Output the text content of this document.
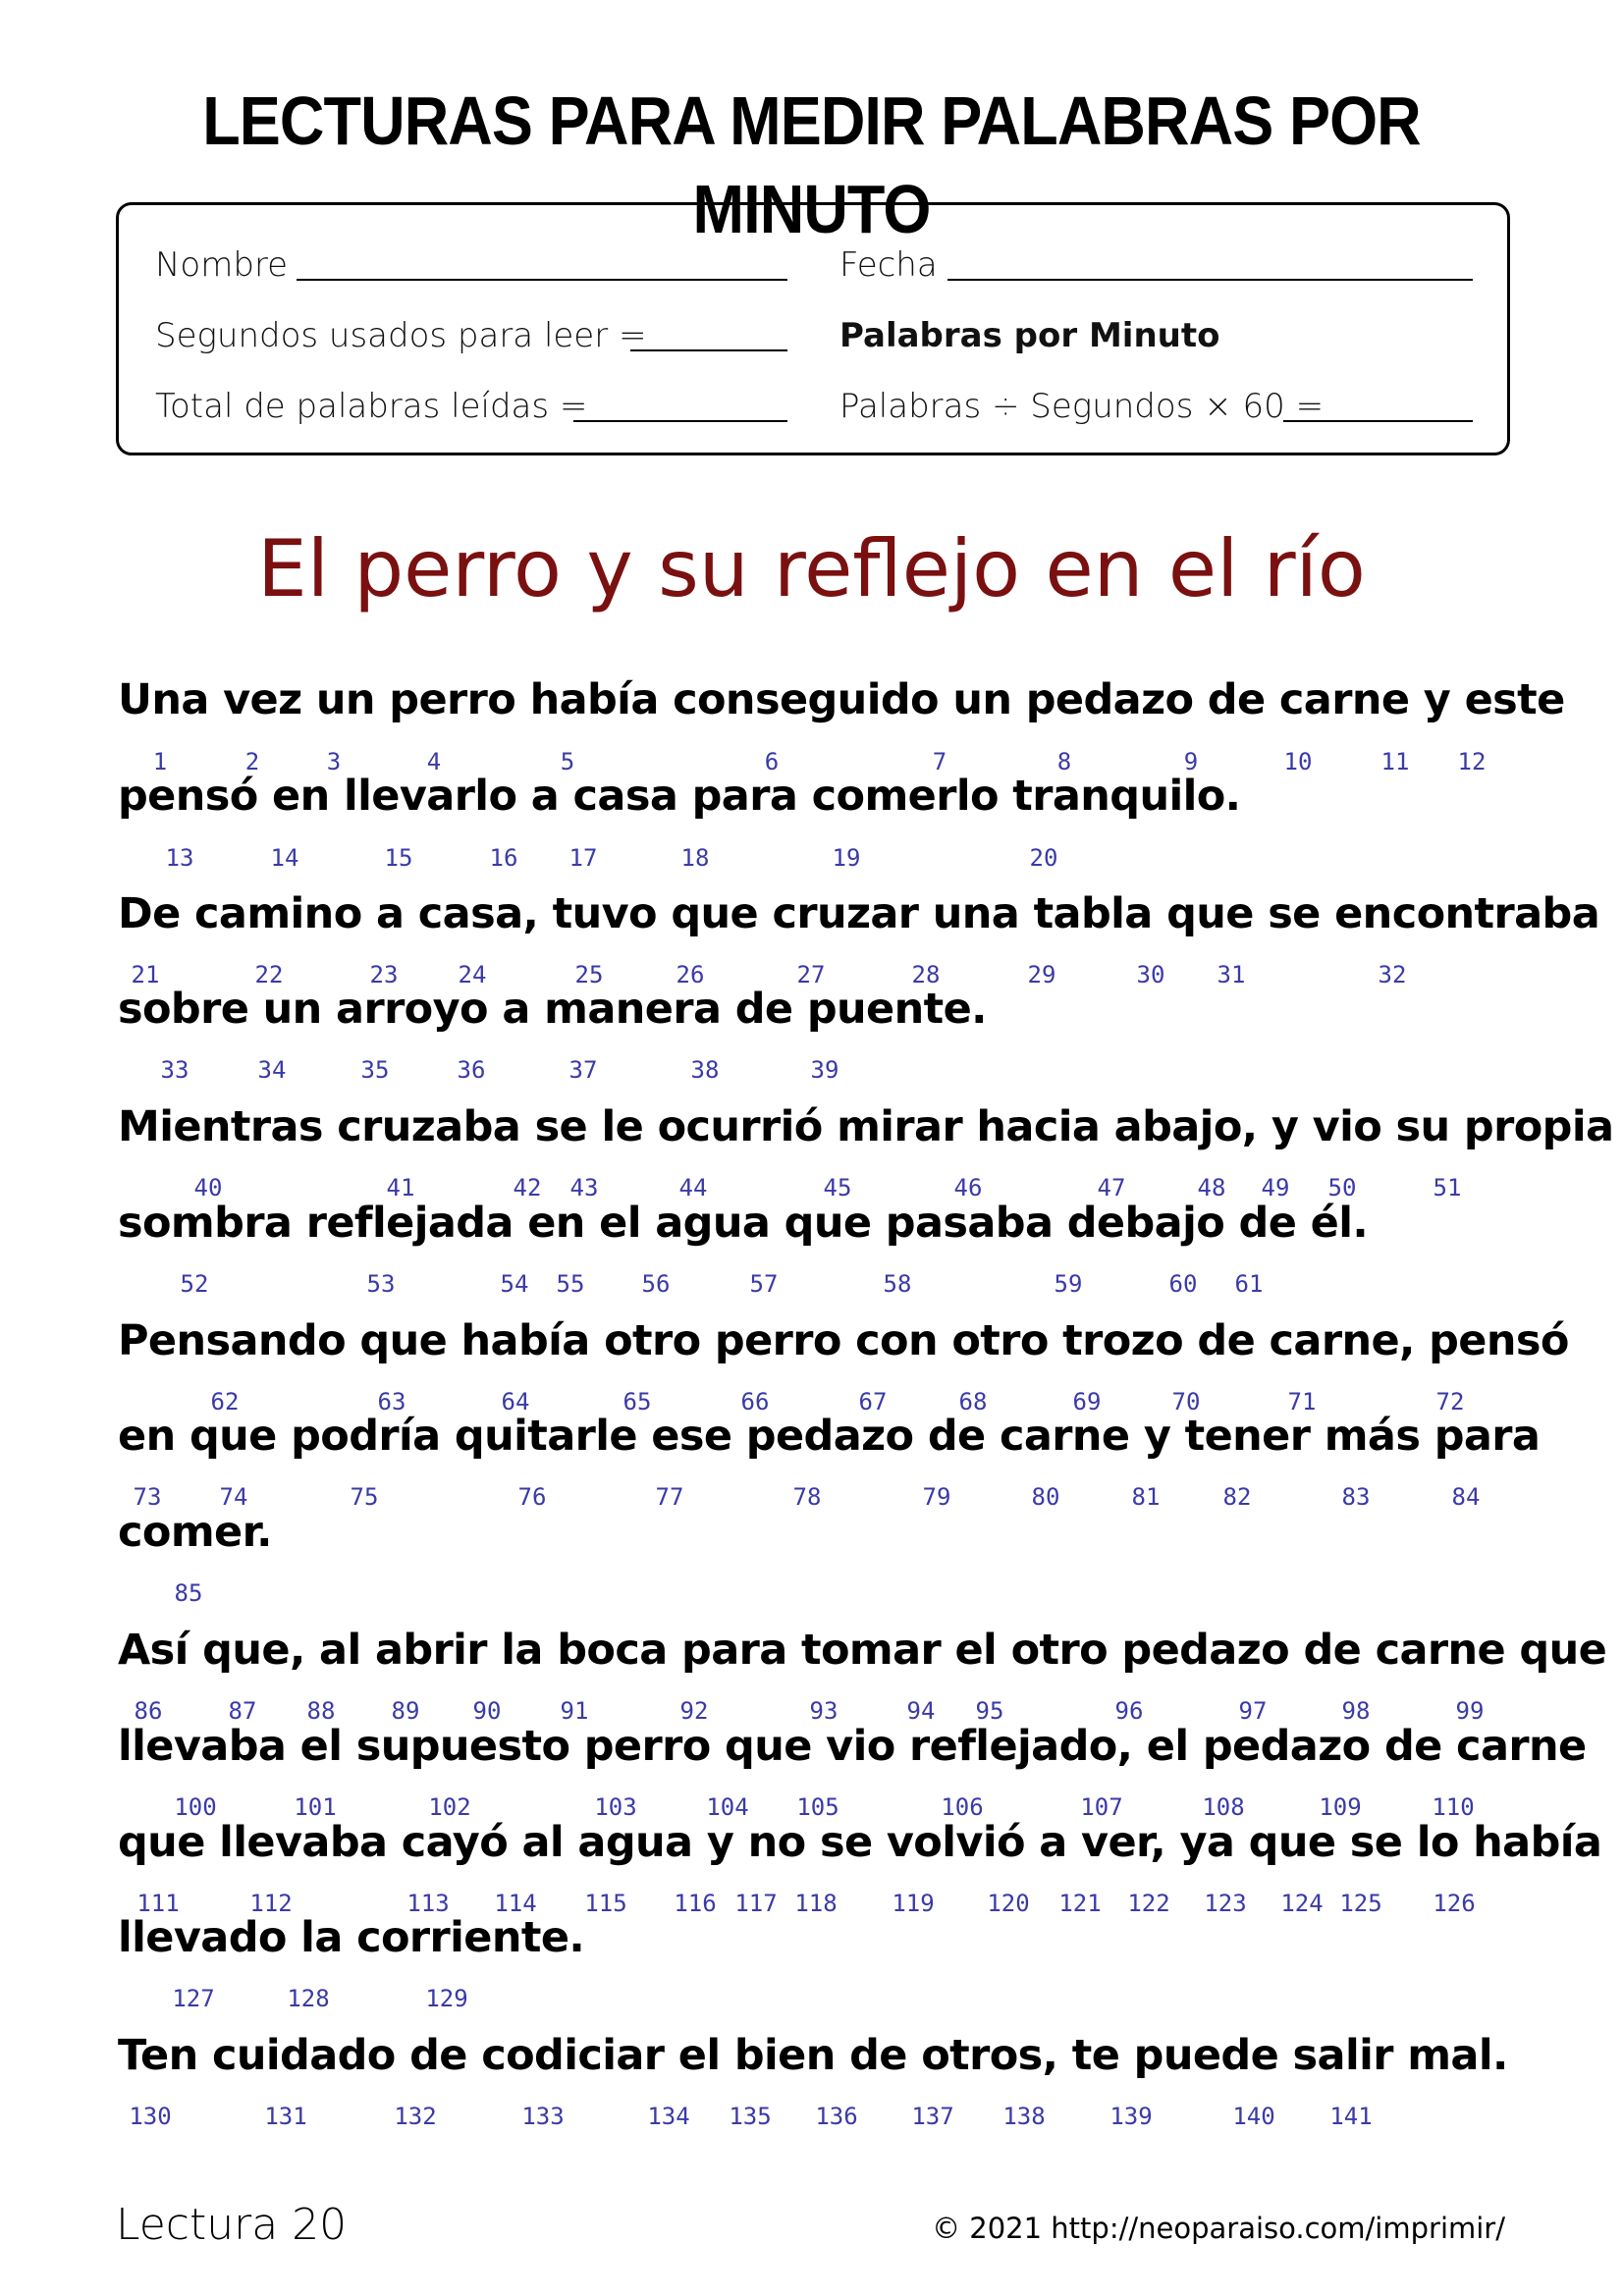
LECTURAS PARA MEDIR PALABRAS POR MINUTO
Nombre	Fecha
Segundos usados para leer =	Palabras por Minuto
Total de palabras leídas =	Palabras ÷ Segundos × 60 =
El perro y su reflejo en el río
Una vez un perro había conseguido un pedazo de carne y este
pensó en llevarlo a casa para comerlo tranquilo.
De camino a casa, tuvo que cruzar una tabla que se encontraba
sobre un arroyo a manera de puente.
Mientras cruzaba se le ocurrió mirar hacia abajo, y vio su propia
sombra reflejada en el agua que pasaba debajo de él.
Pensando que había otro perro con otro trozo de carne, pensó
en que podría quitarle ese pedazo de carne y tener más para
comer.
Así que, al abrir la boca para tomar el otro pedazo de carne que
llevaba el supuesto perro que vio reflejado, el pedazo de carne
que llevaba cayó al agua y no se volvió a ver, ya que se lo había
llevado la corriente.
Ten cuidado de codiciar el bien de otros, te puede salir mal.
1	2	3	4	5	6	7	8	9	10	11 12
13	14	15	16 17	18	19	20
21	22	23	24	25	26	27	28	29	30 31	32
33	34	35	36	37	38	39
40	41	42 43	44	45	46	47	48 49 50	51
52	53	54 55 56	57	58	59	60 61
62	63	64	65	66	67	68	69	70	71	72
73 74	75	76	77	78	79	80	81	82	83	84
85
86	87 88 89 90	91	92	93	94 95	96	97	98	99
100	101	102	103	104 105	106	107	108	109	110
111	112	113 114 115 116 117 118 119 120 121 122 123 124 125 126
127	128	129
130	131	132	133	134 135 136 137 138	139	140 141
Lectura 20	© 2021 http://neoparaiso.com/imprimir/
